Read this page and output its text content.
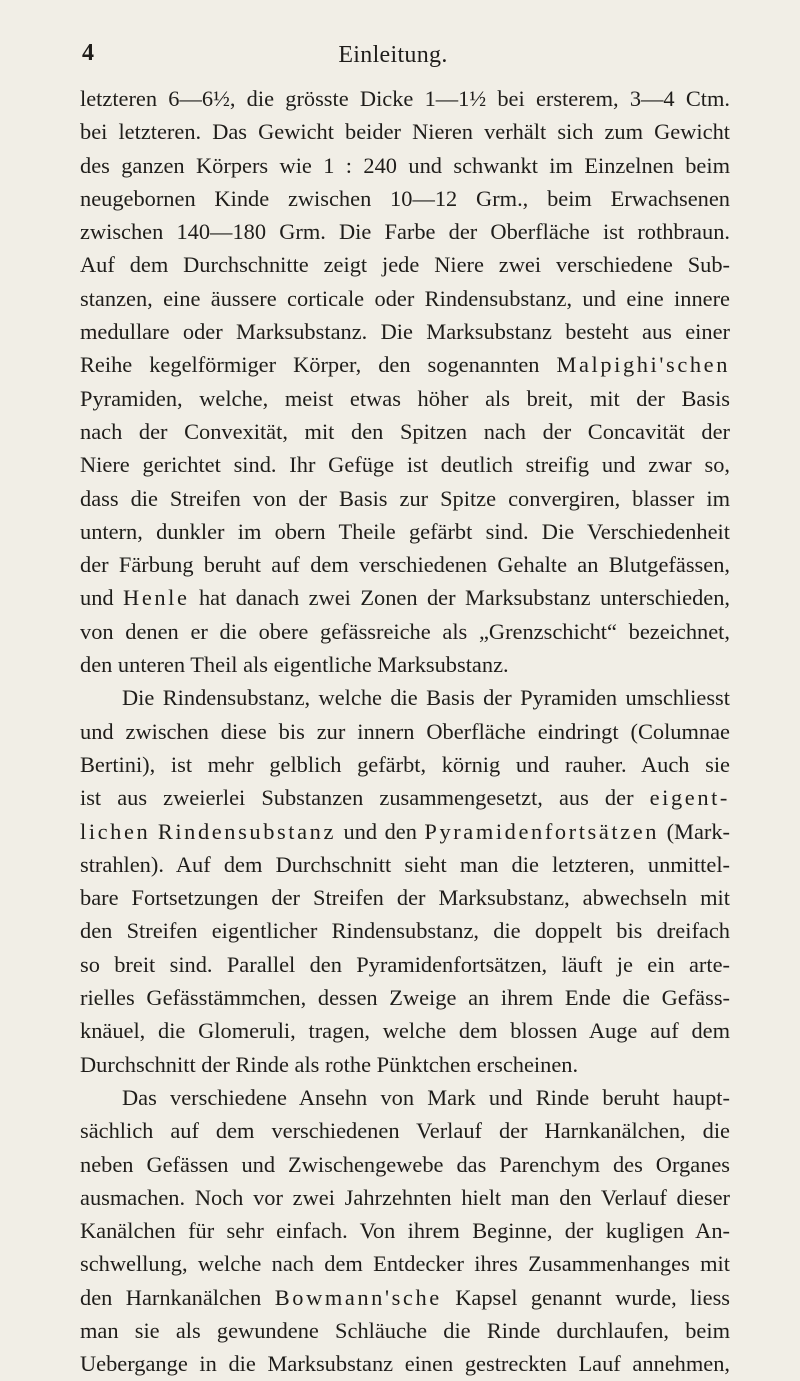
4	Einleitung.
letzteren 6—6½, die grösste Dicke 1—1½ bei ersterem, 3—4 Ctm.
bei letzteren. Das Gewicht beider Nieren verhält sich zum Gewicht
des ganzen Körpers wie 1 : 240 und schwankt im Einzelnen beim
neugebornen Kinde zwischen 10—12 Grm., beim Erwachsenen
zwischen 140—180 Grm. Die Farbe der Oberfläche ist rothbraun.
Auf dem Durchschnitte zeigt jede Niere zwei verschiedene Sub-
stanzen, eine äussere corticale oder Rindensubstanz, und eine innere
medullare oder Marksubstanz. Die Marksubstanz besteht aus einer
Reihe kegelförmiger Körper, den sogenannten Malpighi'schen
Pyramiden, welche, meist etwas höher als breit, mit der Basis
nach der Convexität, mit den Spitzen nach der Concavität der
Niere gerichtet sind. Ihr Gefüge ist deutlich streifig und zwar so,
dass die Streifen von der Basis zur Spitze convergiren, blasser im
untern, dunkler im obern Theile gefärbt sind. Die Verschiedenheit
der Färbung beruht auf dem verschiedenen Gehalte an Blutgefässen,
und Henle hat danach zwei Zonen der Marksubstanz unterschieden,
von denen er die obere gefässreiche als „Grenzschicht“ bezeichnet,
den unteren Theil als eigentliche Marksubstanz.
Die Rindensubstanz, welche die Basis der Pyramiden umschliesst
und zwischen diese bis zur innern Oberfläche eindringt (Columnae
Bertini), ist mehr gelblich gefärbt, körnig und rauher. Auch sie
ist aus zweierlei Substanzen zusammengesetzt, aus der eigent-
lichen Rindensubstanz und den Pyramidenfortsätzen (Mark-
strahlen). Auf dem Durchschnitt sieht man die letzteren, unmittel-
bare Fortsetzungen der Streifen der Marksubstanz, abwechseln mit
den Streifen eigentlicher Rindensubstanz, die doppelt bis dreifach
so breit sind. Parallel den Pyramidenfortsätzen, läuft je ein arte-
rielles Gefässtämmchen, dessen Zweige an ihrem Ende die Gefäss-
knäuel, die Glomeruli, tragen, welche dem blossen Auge auf dem
Durchschnitt der Rinde als rothe Pünktchen erscheinen.
Das verschiedene Ansehn von Mark und Rinde beruht haupt-
sächlich auf dem verschiedenen Verlauf der Harnkanälchen, die
neben Gefässen und Zwischengewebe das Parenchym des Organes
ausmachen. Noch vor zwei Jahrzehnten hielt man den Verlauf dieser
Kanälchen für sehr einfach. Von ihrem Beginne, der kugligen An-
schwellung, welche nach dem Entdecker ihres Zusammenhanges mit
den Harnkanälchen Bowmann'sche Kapsel genannt wurde, liess
man sie als gewundene Schläuche die Rinde durchlaufen, beim
Uebergange in die Marksubstanz einen gestreckten Lauf annehmen,
